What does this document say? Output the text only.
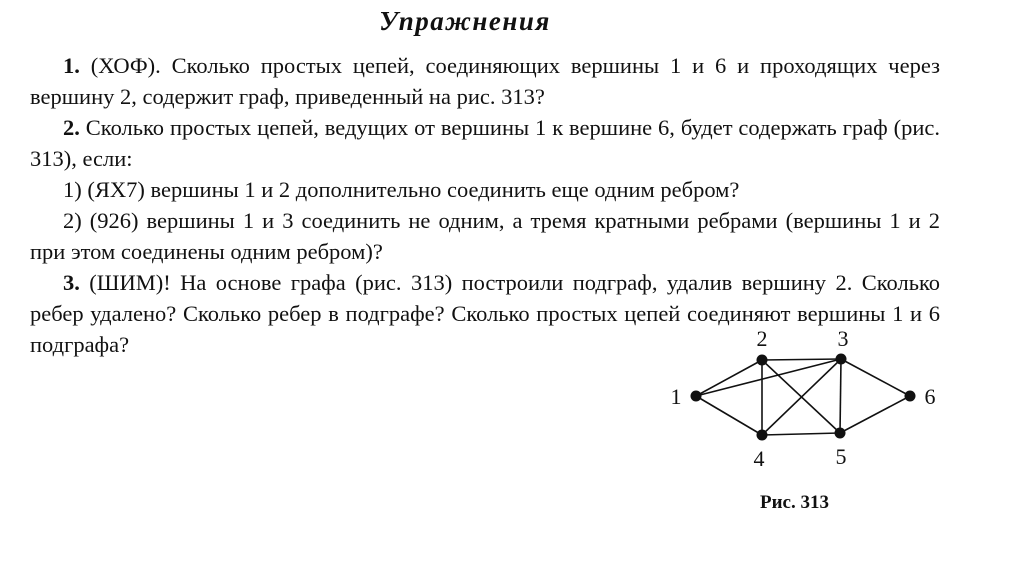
Упражнения

1. (ХОФ). Сколько простых цепей, соединяющих вершины 1 и 6 и проходящих через вершину 2, содержит граф, приведенный на рис. 313?

2. Сколько простых цепей, ведущих от вершины 1 к вершине 6, будет содержать граф (рис. 313), если:

1) (ЯХ7) вершины 1 и 2 дополнительно соединить еще одним ребром?

2) (926) вершины 1 и 3 соединить не одним, а тремя кратными ребрами (вершины 1 и 2 при этом соединены одним ребром)?

3. (ШИМ)! На основе графа (рис. 313) построили подграф, удалив вершину 2. Сколько ребер удалено? Сколько ребер в подграфе? Сколько простых цепей соединяют вершины 1 и 6 подграфа?

1
2	3
4	5
6
Рис. 313
